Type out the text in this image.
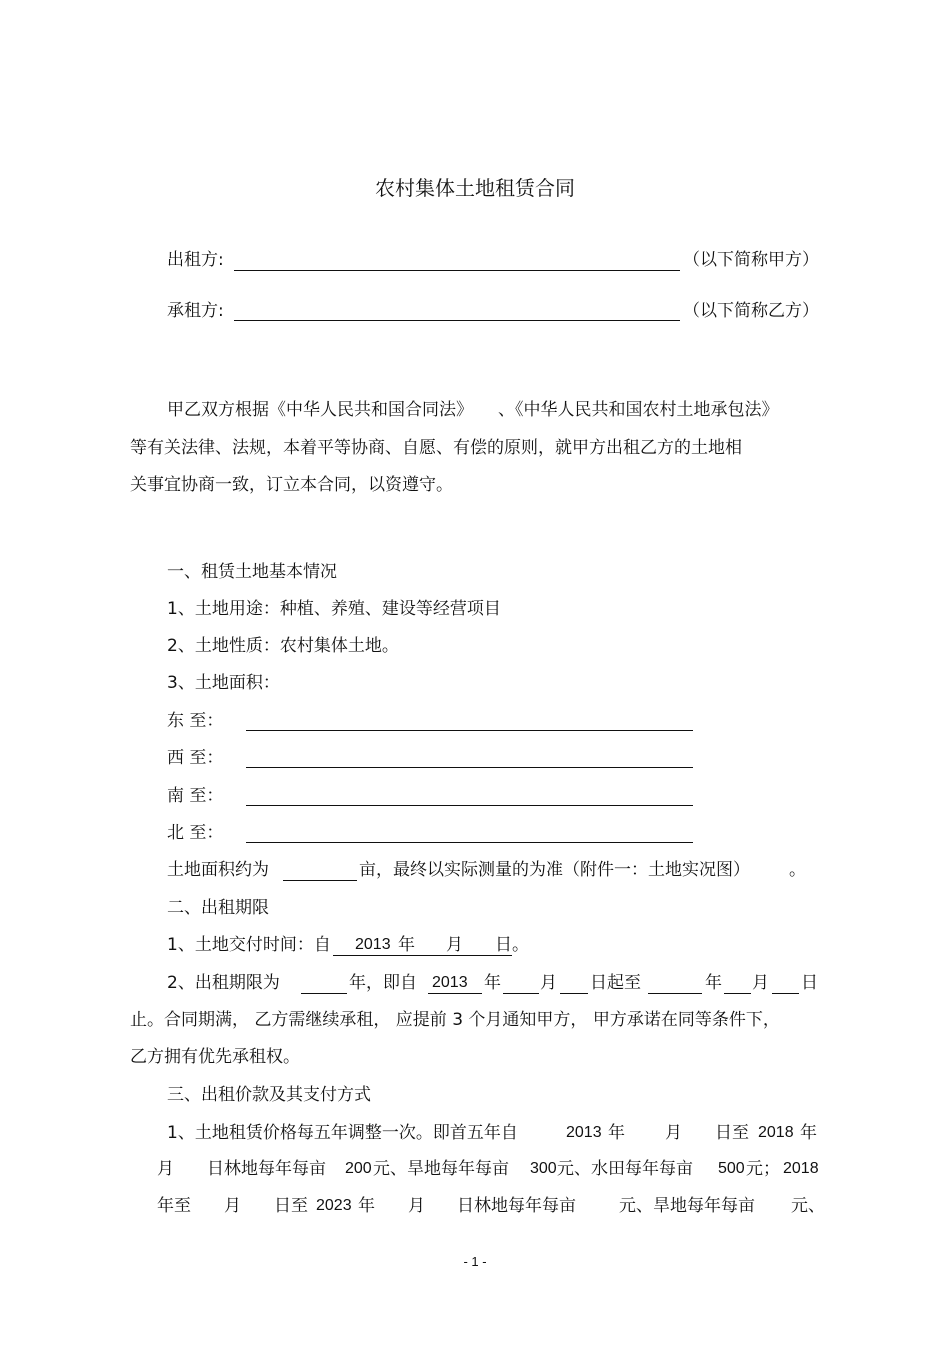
农村集体土地租赁合同
出租方:	（以下简称甲方）
承租方:	（以下简称乙方）
甲乙双方根据《中华人民共和国合同法》 、《中华人民共和国农村土地承包法》
等有关法律、法规，本着平等协商、自愿、有偿的原则，就甲方出租乙方的土地相
关事宜协商一致，订立本合同，以资遵守。
一、租赁土地基本情况
1、土地用途：种植、养殖、建设等经营项目
2、土地性质：农村集体土地。
3、土地面积：
东 至：
西 至：
南 至：
北 至：
土地面积约为	亩，最终以实际测量的为准（附件一：土地实况图） 。
二、出租期限
1、土地交付时间：自 2013 年 月 日 。
2、出租期限为	年，即自 2013 年 月 日起至	年 月 日
止。合同期满， 乙方需继续承租， 应提前 3 个月通知甲方， 甲方承诺在同等条件下，
乙方拥有优先承租权。
三、出租价款及其支付方式
1、土地租赁价格每五年调整一次。即首五年自	2013 年 月 日至 2018 年
月 日林地每年每亩 200 元、旱地每年每亩 300 元、水田每年每亩 500 元； 2018
年至 月 日至 2023 年 月 日林地每年每亩	元、旱地每年每亩 元、
- 1 -
